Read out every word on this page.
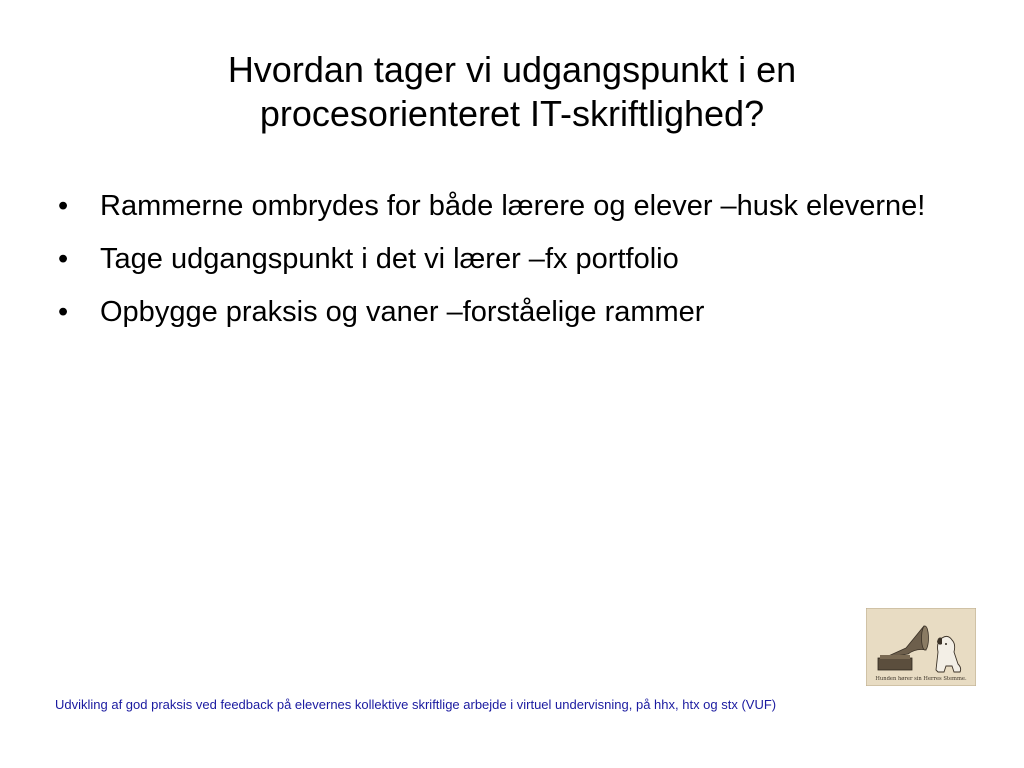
Hvordan tager vi udgangspunkt i en
procesorienteret IT-skriftlighed?
•	Rammerne ombrydes for både lærere og elever –husk eleverne!
•	Tage udgangspunkt i det vi lærer –fx portfolio
•	Opbygge praksis og vaner –forståelige rammer
Hunden hører sin Herres Stemme.
Udvikling af god praksis ved feedback på elevernes kollektive skriftlige arbejde i virtuel undervisning, på hhx, htx og stx (VUF)
